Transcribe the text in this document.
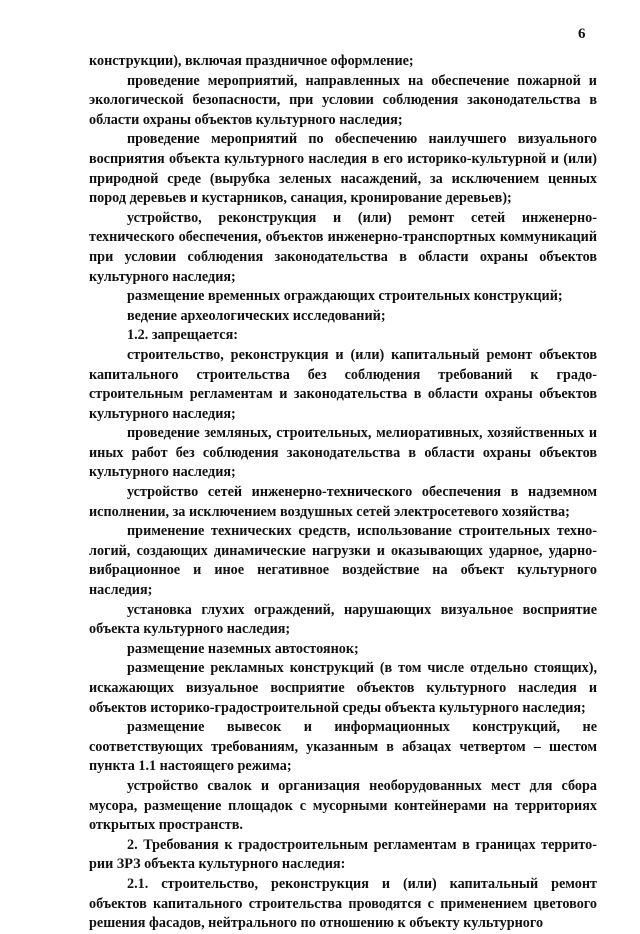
6

конструкции), включая праздничное оформление;

проведение мероприятий, направленных на обеспечение пожарной и экологической безопасности, при условии соблюдения законодательства в области охраны объектов культурного наследия;

проведение мероприятий по обеспечению наилучшего визуального восприятия объекта культурного наследия в его историко-культурной и (или) природной среде (вырубка зеленых насаждений, за исключением ценных пород деревьев и кустарников, санация, кронирование деревьев);

устройство, реконструкция и (или) ремонт сетей инженерно-технического обеспечения, объектов инженерно-транспортных коммуникаций при условии соблюдения законодательства в области охраны объектов культурного наследия;

размещение временных ограждающих строительных конструкций;

ведение археологических исследований;

1.2. запрещается:

строительство, реконструкция и (или) капитальный ремонт объектов капитального строительства без соблюдения требований к градостроительным регламентам и законодательства в области охраны объектов культурного наследия;

проведение земляных, строительных, мелиоративных, хозяйственных и иных работ без соблюдения законодательства в области охраны объектов культурного наследия;

устройство сетей инженерно-технического обеспечения в надземном исполнении, за исключением воздушных сетей электросетевого хозяйства;

применение технических средств, использование строительных технологий, создающих динамические нагрузки и оказывающих ударное, ударно-вибрационное и иное негативное воздействие на объект культурного наследия;

установка глухих ограждений, нарушающих визуальное восприятие объекта культурного наследия;

размещение наземных автостоянок;

размещение рекламных конструкций (в том числе отдельно стоящих), искажающих визуальное восприятие объектов культурного наследия и объектов историко-градостроительной среды объекта культурного наследия;

размещение вывесок и информационных конструкций, не соответствующих требованиям, указанным в абзацах четвертом – шестом пункта 1.1 настоящего режима;

устройство свалок и организация необорудованных мест для сбора мусора, размещение площадок с мусорными контейнерами на территориях открытых пространств.

2. Требования к градостроительным регламентам в границах территории ЗРЗ объекта культурного наследия:

2.1. строительство, реконструкция и (или) капитальный ремонт объектов капитального строительства проводятся с применением цветового решения фасадов, нейтрального по отношению к объекту культурного
